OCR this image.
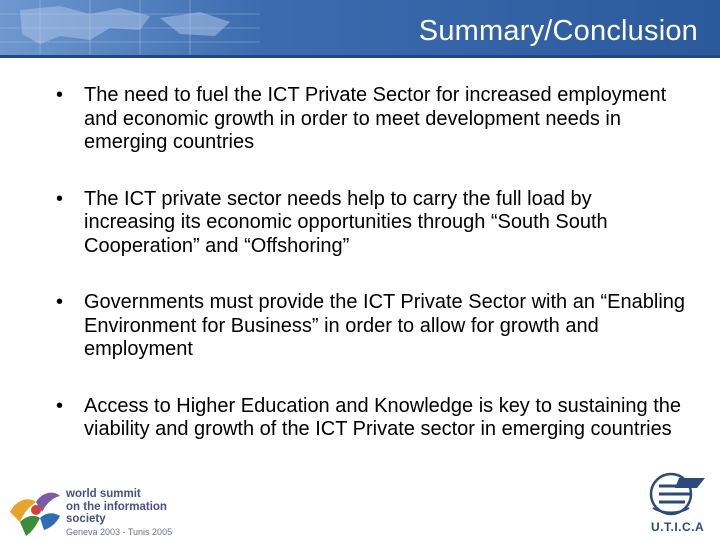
Summary/Conclusion
• The need to fuel the ICT Private Sector for increased employment and economic growth in order to meet development needs in emerging countries
• The ICT private sector needs help to carry the full load by increasing its economic opportunities through “South South Cooperation” and “Offshoring”
• Governments must provide the ICT Private Sector with an “Enabling Environment for Business” in order to allow for growth and employment
• Access to Higher Education and Knowledge is key to sustaining the viability and growth of the ICT Private sector in emerging countries
world summit
on the information society
Geneva 2003 - Tunis 2005	U.T.I.C.A
